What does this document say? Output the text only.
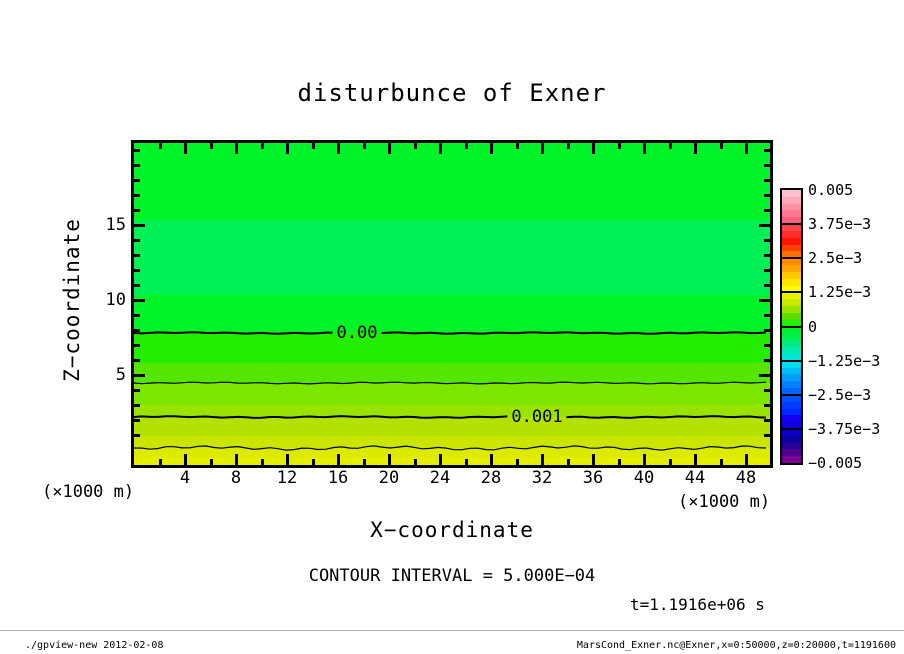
disturbunce of Exner
Z−coordinate
(×1000 m)
0.00
0.001
5
10
15
4	8	12	16	20	24	28	32	36	40	44	48
(×1000 m)
X−coordinate
CONTOUR INTERVAL = 5.000E−04
t=1.1916e+06 s
0.005
3.75e−3
2.5e−3
1.25e−3
0
−1.25e−3
−2.5e−3
−3.75e−3
−0.005
./gpview-new 2012-02-08	MarsCond_Exner.nc@Exner,x=0:50000,z=0:20000,t=1191600
